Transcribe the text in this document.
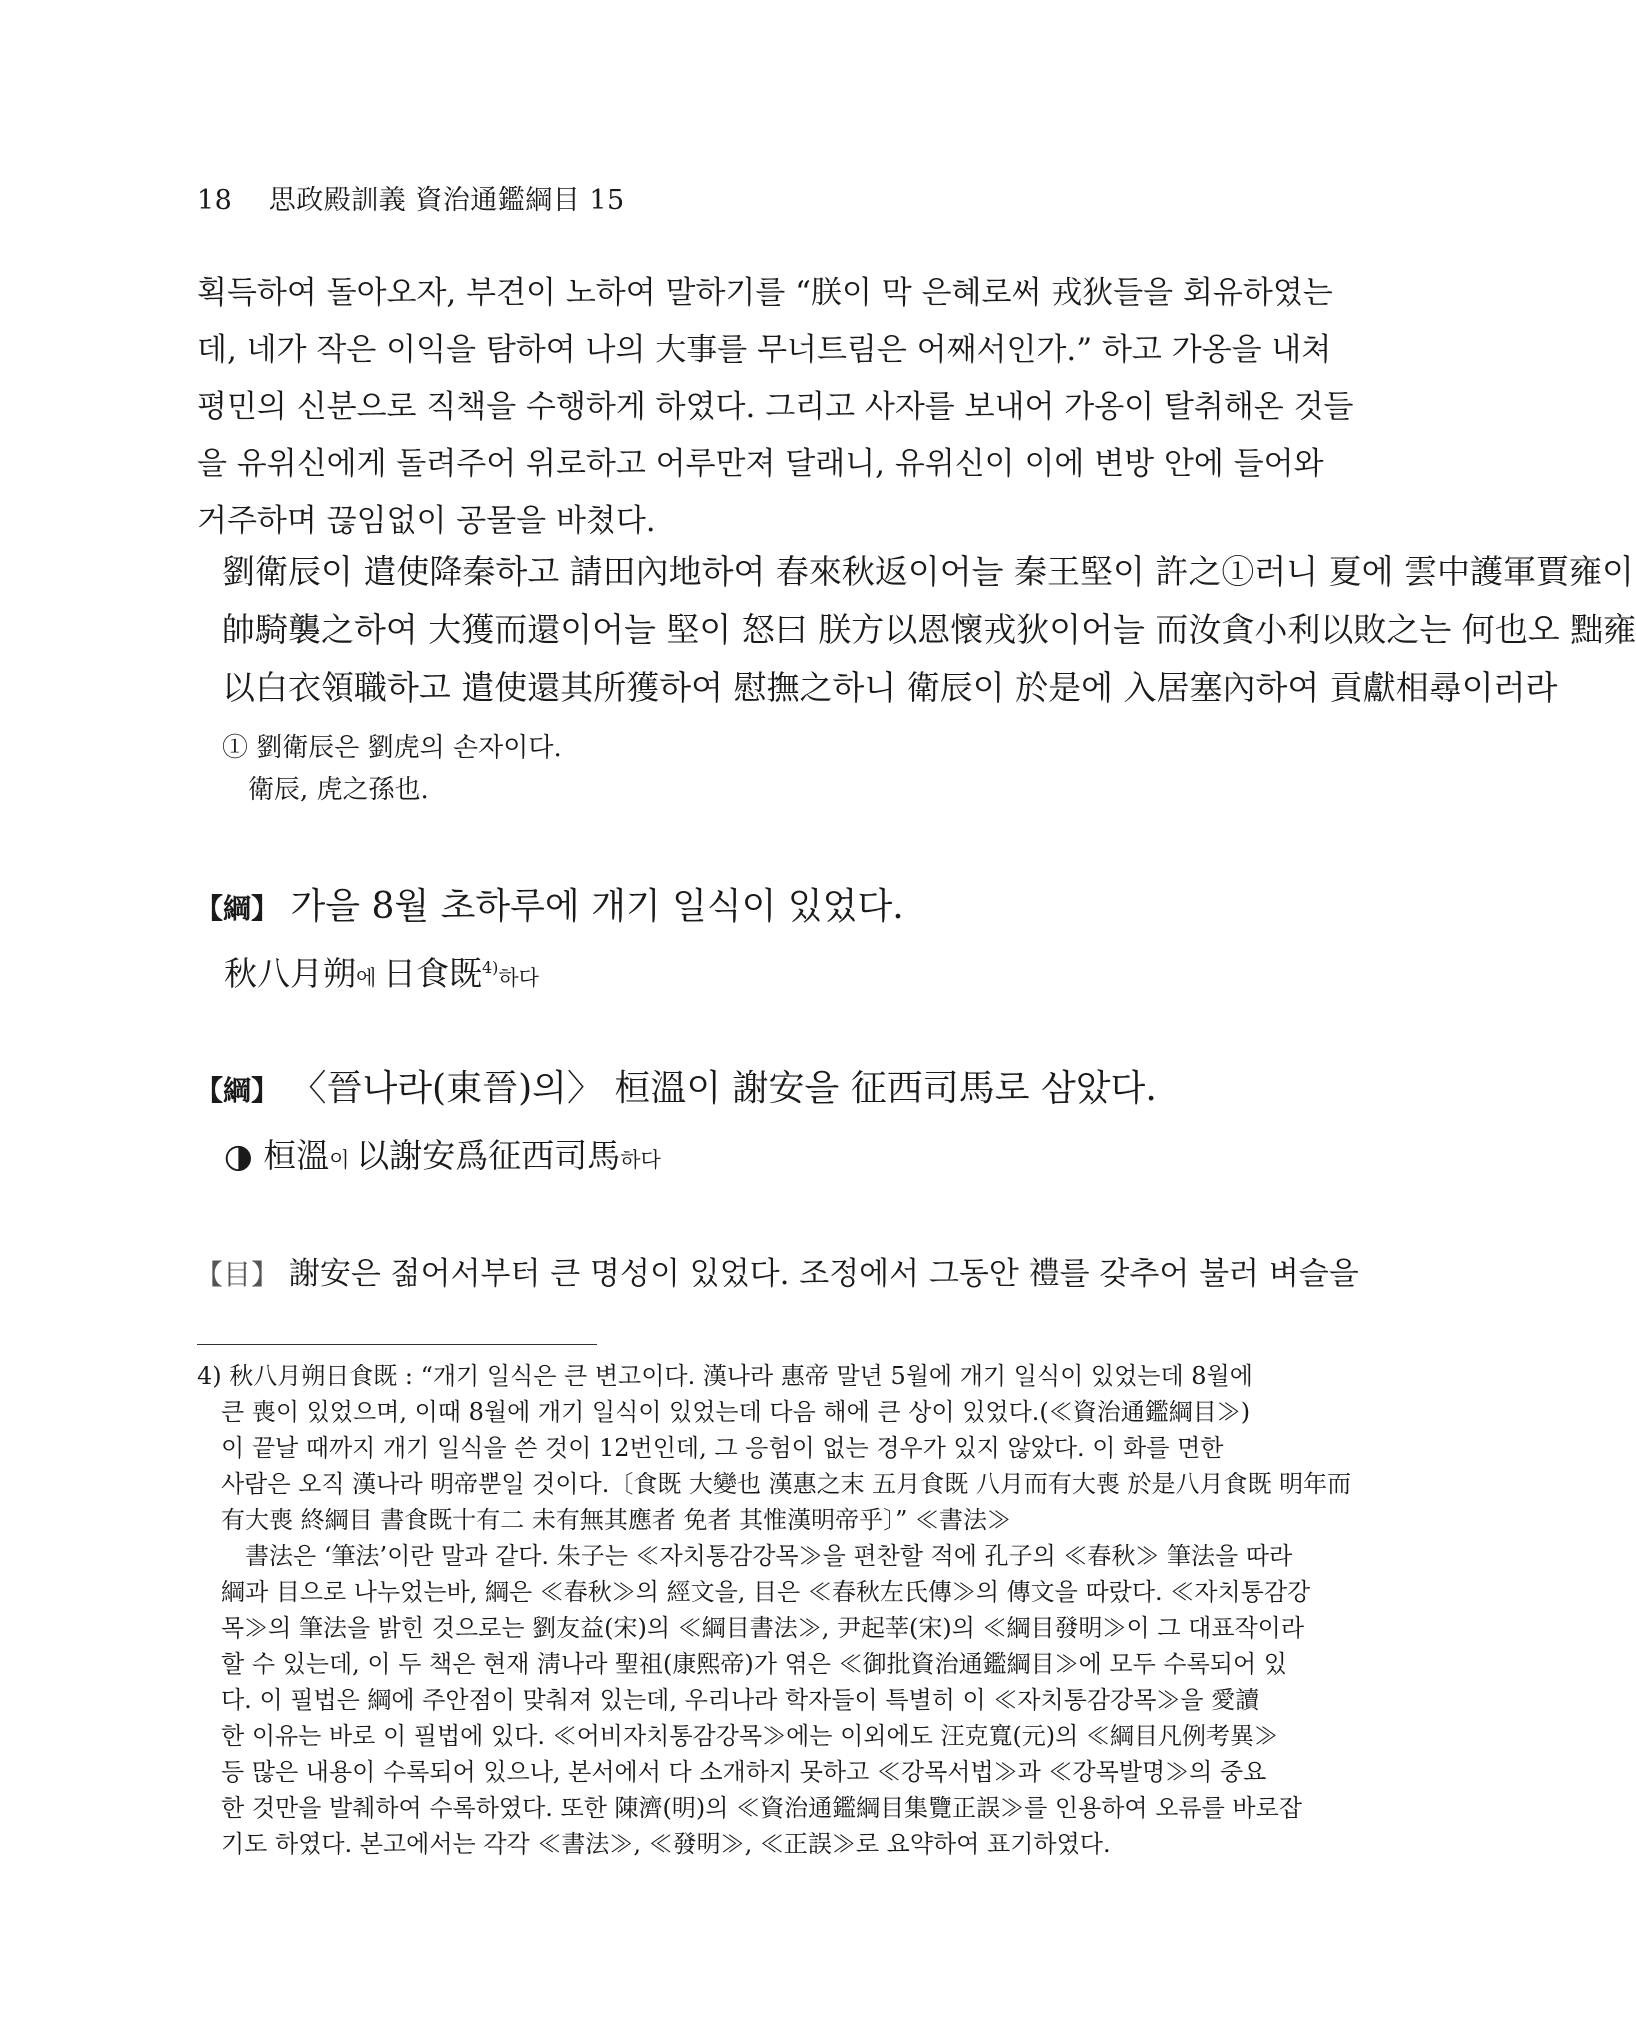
18 思政殿訓義 資治通鑑綱目 15
획득하여 돌아오자, 부견이 노하여 말하기를 “朕이 막 은혜로써 戎狄들을 회유하였는
데, 네가 작은 이익을 탐하여 나의 大事를 무너트림은 어째서인가.” 하고 가옹을 내쳐
평민의 신분으로 직책을 수행하게 하였다. 그리고 사자를 보내어 가옹이 탈취해온 것들
을 유위신에게 돌려주어 위로하고 어루만져 달래니, 유위신이 이에 변방 안에 들어와
거주하며 끊임없이 공물을 바쳤다.
劉衛辰이 遣使降秦하고 請田內地하여 春來秋返이어늘 秦王堅이 許之①러니 夏에 雲中護軍賈雍이
帥騎襲之하여 大獲而還이어늘 堅이 怒曰 朕方以恩懷戎狄이어늘 而汝貪小利以敗之는 何也오 黜雍
以白衣領職하고 遣使還其所獲하여 慰撫之하니 衛辰이 於是에 入居塞內하여 貢獻相尋이러라
① 劉衛辰은 劉虎의 손자이다.
　衛辰, 虎之孫也.
【綱】 가을 8월 초하루에 개기 일식이 있었다.
秋八月朔에 日食既$^{4)}$하다
【綱】 〈晉나라(東晉)의〉 桓溫이 謝安을 征西司馬로 삼았다.
◑ 桓溫이 以謝安爲征西司馬하다
【目】 謝安은 젊어서부터 큰 명성이 있었다. 조정에서 그동안 禮를 갖추어 불러 벼슬을
4) 秋八月朔日食既 : “개기 일식은 큰 변고이다. 漢나라 惠帝 말년 5월에 개기 일식이 있었는데 8월에
　큰 喪이 있었으며, 이때 8월에 개기 일식이 있었는데 다음 해에 큰 상이 있었다.(≪資治通鑑綱目≫)
　이 끝날 때까지 개기 일식을 쓴 것이 12번인데, 그 응험이 없는 경우가 있지 않았다. 이 화를 면한
　사람은 오직 漢나라 明帝뿐일 것이다.〔食既 大變也 漢惠之末 五月食既 八月而有大喪 於是八月食既 明年而
　有大喪 終綱目 書食既十有二 未有無其應者 免者 其惟漢明帝乎〕” ≪書法≫
　　書法은 ‘筆法’이란 말과 같다. 朱子는 ≪자치통감강목≫을 편찬할 적에 孔子의 ≪春秋≫ 筆法을 따라
　綱과 目으로 나누었는바, 綱은 ≪春秋≫의 經文을, 目은 ≪春秋左氏傳≫의 傳文을 따랐다. ≪자치통감강
　목≫의 筆法을 밝힌 것으로는 劉友益(宋)의 ≪綱目書法≫, 尹起莘(宋)의 ≪綱目發明≫이 그 대표작이라
　할 수 있는데, 이 두 책은 현재 淸나라 聖祖(康熙帝)가 엮은 ≪御批資治通鑑綱目≫에 모두 수록되어 있
　다. 이 필법은 綱에 주안점이 맞춰져 있는데, 우리나라 학자들이 특별히 이 ≪자치통감강목≫을 愛讀
　한 이유는 바로 이 필법에 있다. ≪어비자치통감강목≫에는 이외에도 汪克寬(元)의 ≪綱目凡例考異≫
　등 많은 내용이 수록되어 있으나, 본서에서 다 소개하지 못하고 ≪강목서법≫과 ≪강목발명≫의 중요
　한 것만을 발췌하여 수록하였다. 또한 陳濟(明)의 ≪資治通鑑綱目集覽正誤≫를 인용하여 오류를 바로잡
　기도 하였다. 본고에서는 각각 ≪書法≫, ≪發明≫, ≪正誤≫로 요약하여 표기하였다.
